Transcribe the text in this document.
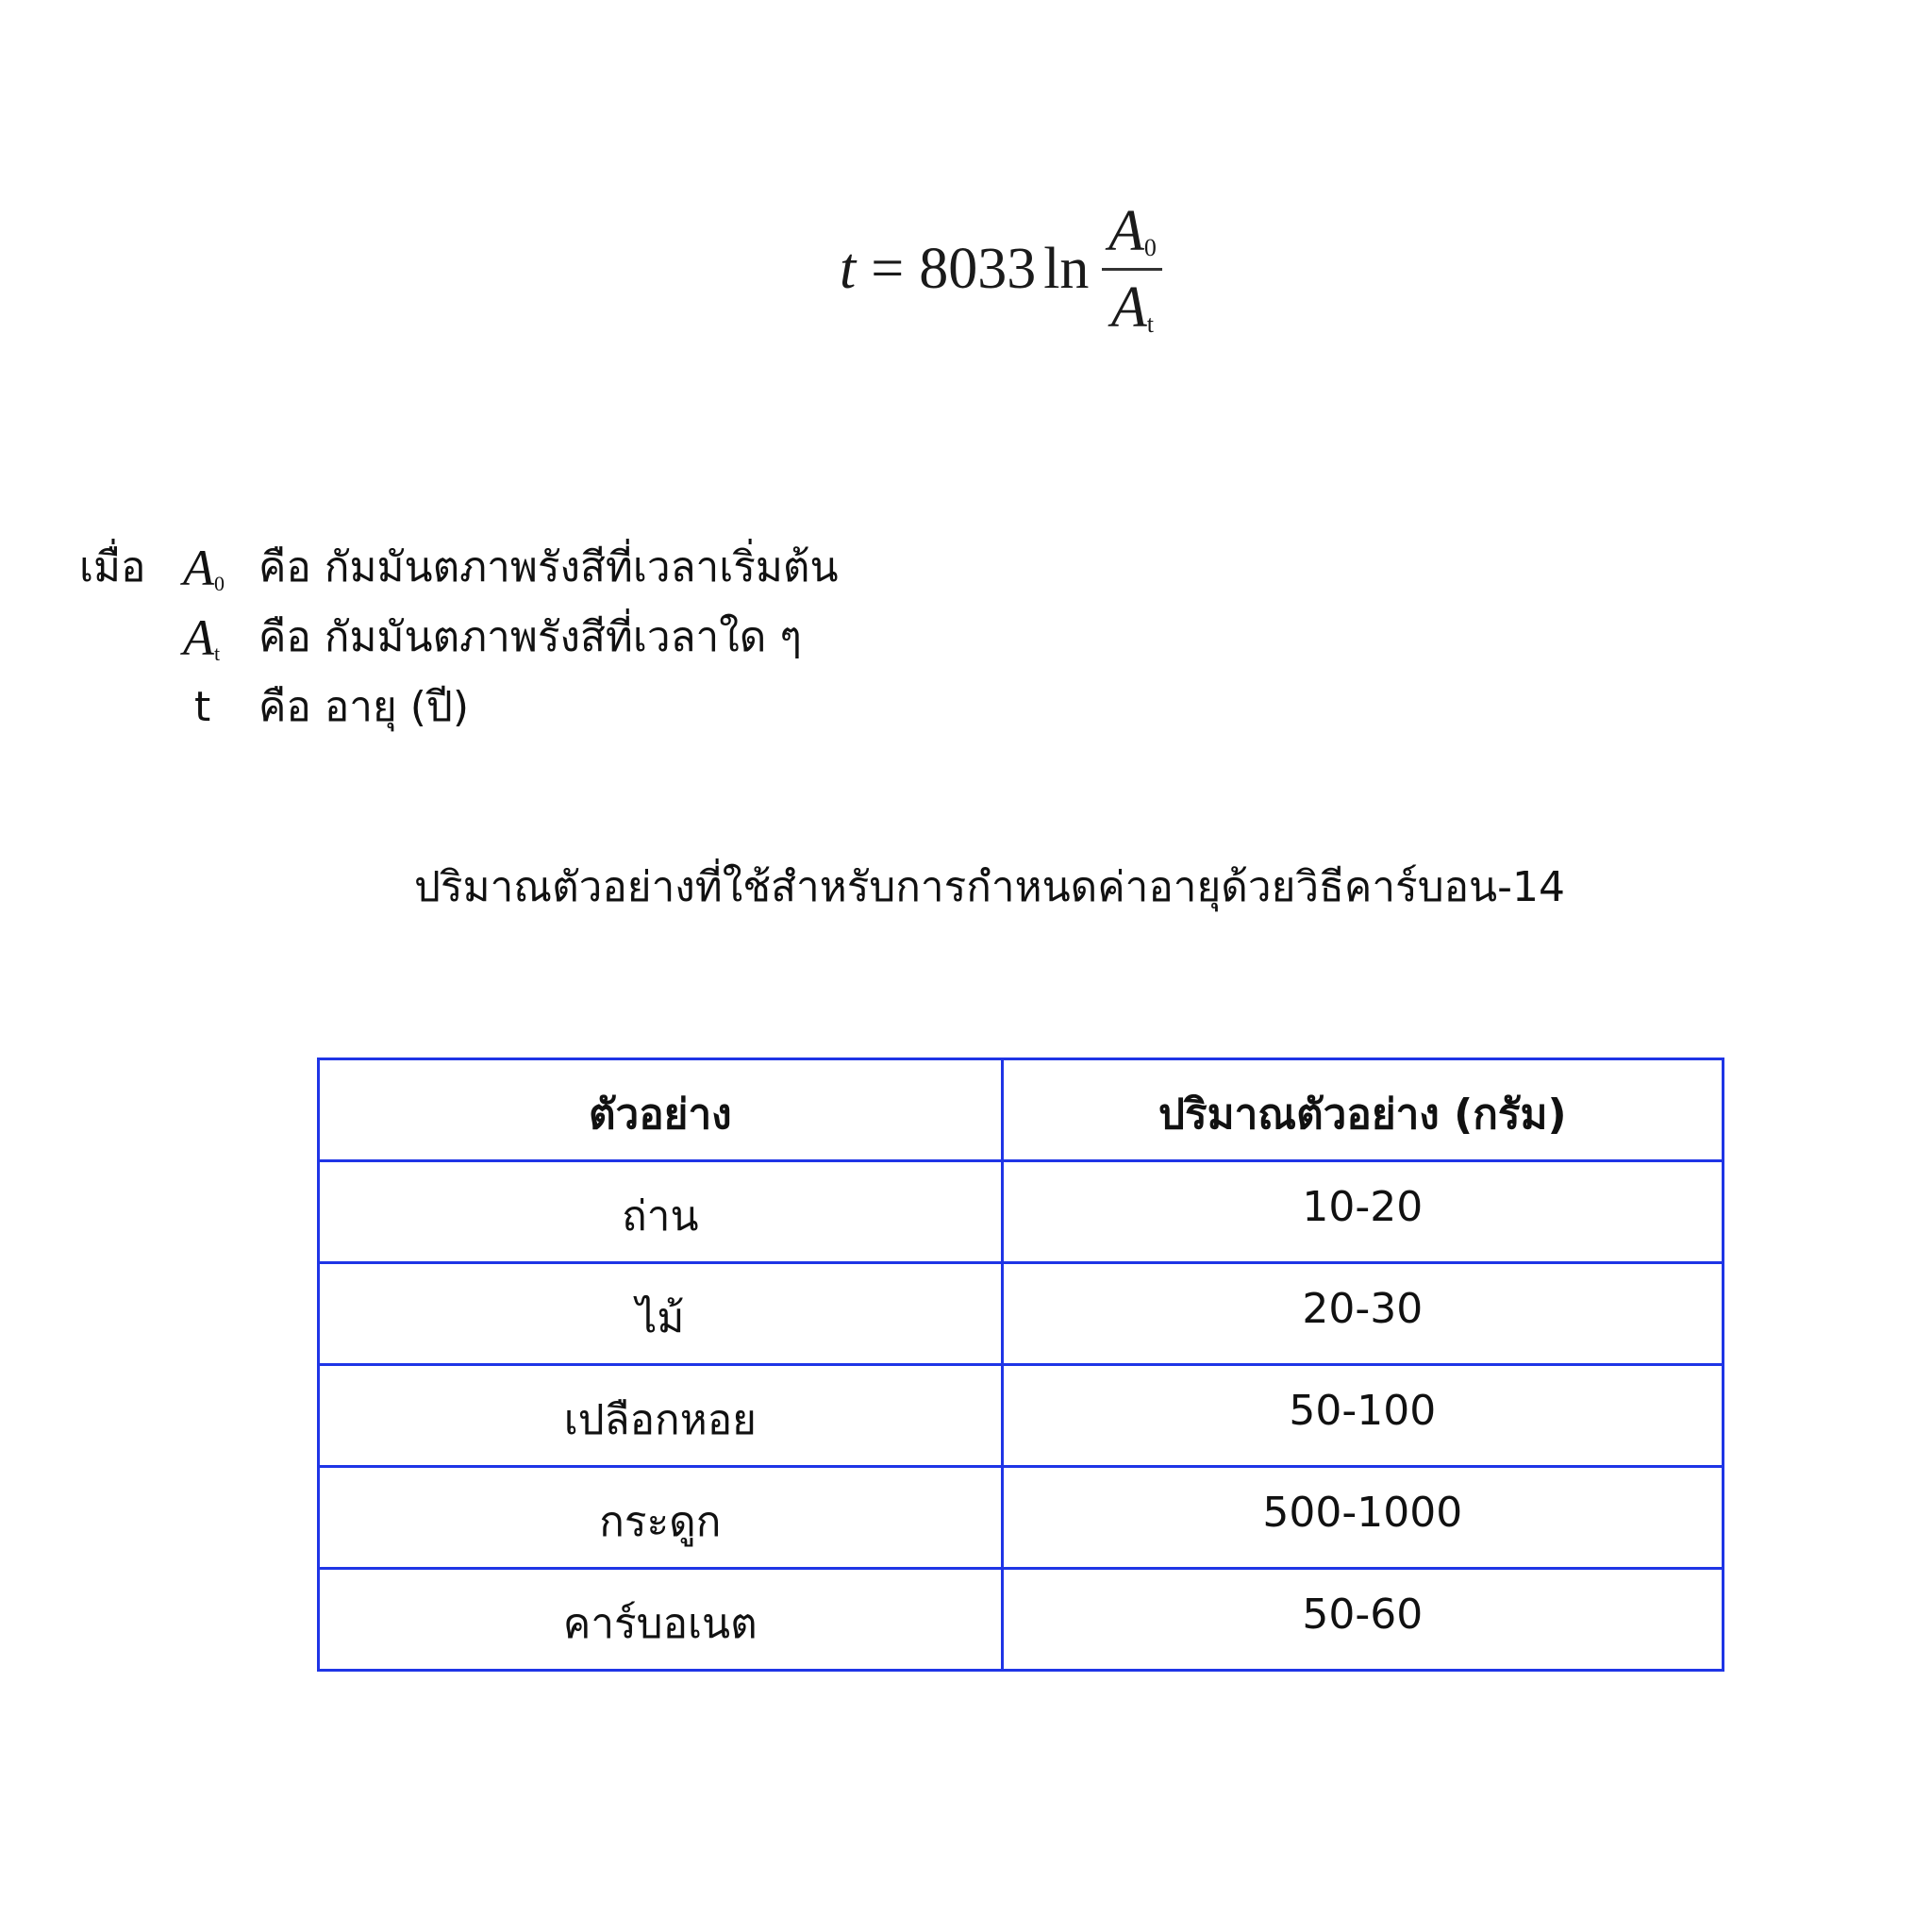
t = 8033 $\ln \frac{A_0}{A_t}$
เมื่อ $A_0$ คือ กัมมันตภาพรังสีที่เวลาเริ่มต้น
$A_t$ คือ กัมมันตภาพรังสีที่เวลาใด ๆ
t	คือ อายุ (ปี)
ปริมาณตัวอย่างที่ใช้สำหรับการกำหนดค่าอายุด้วยวิธีคาร์บอน-14
ตัวอย่าง	ปริมาณตัวอย่าง (กรัม)
ถ่าน	10-20
ไม้	20-30
เปลือกหอย	50-100
กระดูก	500-1000
คาร์บอเนต	50-60
